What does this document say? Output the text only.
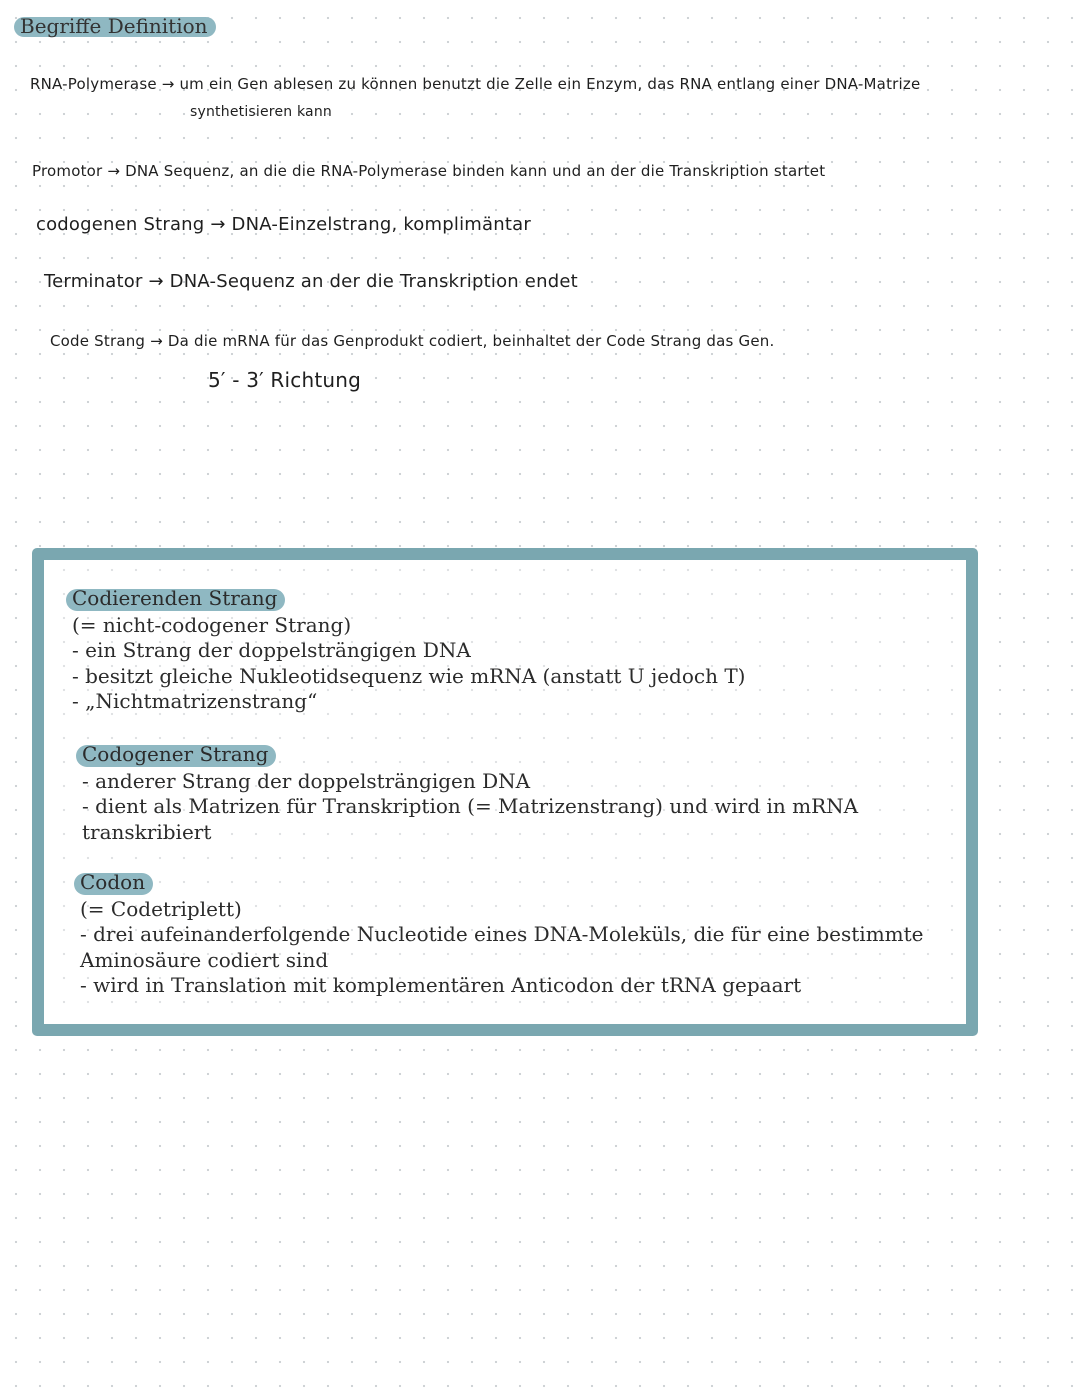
Begriffe Definition
RNA-Polymerase → um ein Gen ablesen zu können benutzt die Zelle ein Enzym, das RNA entlang einer DNA-Matrize
synthetisieren kann
Promotor → DNA Sequenz, an die die RNA-Polymerase binden kann und an der die Transkription startet
codogenen Strang → DNA-Einzelstrang, komplimäntar
Terminator → DNA-Sequenz an der die Transkription endet
Code Strang → Da die mRNA für das Genprodukt codiert, beinhaltet der Code Strang das Gen.
5′ - 3′ Richtung
Codierenden Strang
(= nicht-codogener Strang)
- ein Strang der doppelsträngigen DNA
- besitzt gleiche Nukleotidsequenz wie mRNA (anstatt U jedoch T)
- „Nichtmatrizenstrang“
Codogener Strang
- anderer Strang der doppelsträngigen DNA
- dient als Matrizen für Transkription (= Matrizenstrang) und wird in mRNA
transkribiert
Codon
(= Codetriplett)
- drei aufeinanderfolgende Nucleotide eines DNA-Moleküls, die für eine bestimmte
Aminosäure codiert sind
- wird in Translation mit komplementären Anticodon der tRNA gepaart
